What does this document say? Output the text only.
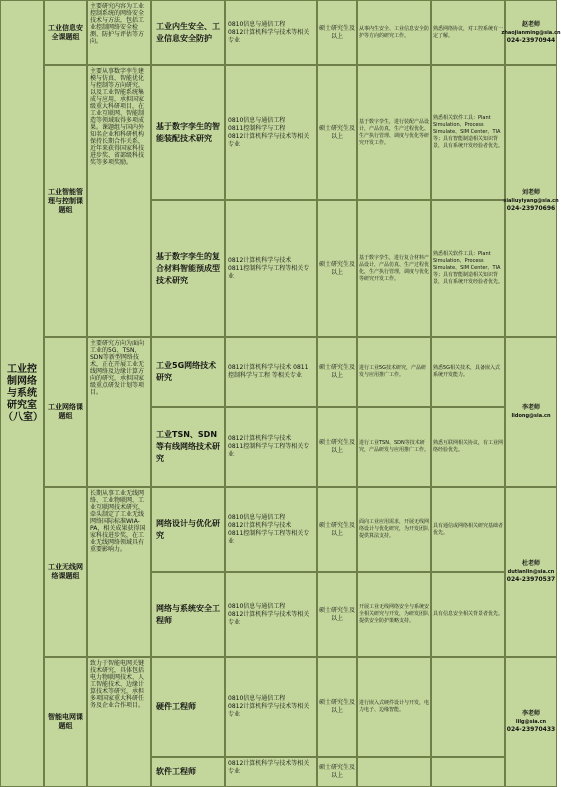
工业控制网络与系统研究室（八室）
工业信息安全课题组
主要研究内容为工业控制系统的网络安全技术与方法，包括工业控制网络安全检测、防护与评估等方向。
工业内生安全、工业信息安全防护
0810信息与通信工程
0812计算机科学与技术等相关专业
硕士研究生及以上
从事内生安全、工业信息安全防护等方向的研究工作。
熟悉网络协议，对工控系统有一定了解。
赵老师
zhaojianming@sia.cn
024-23970944
工业智能管理与控制课题组
主要从事数字孪生建模与仿真、智能优化与控制等方向研究，以及工业智能系统集成与应用，承担国家级重大科研项目，在工业互联网、智能制造等领域取得多项成果。课题组与国内外知名企业和科研机构保持长期合作关系，近年来获得国家科技进步奖、省部级科技奖等多项奖励。
基于数字孪生的智能装配技术研究
0810信息与通信工程
0811控制科学与工程
0812计算机科学与技术等相关专业
硕士研究生及以上
基于数字孪生，进行装配产品设计，产品仿真，生产过程优化、生产执行管理、调度与优化等研究开发工作。
熟悉相关软件工具：Plant Simulation、Process Simulate、SIM Center、TIA等；具有智能制造相关知识背景，具有系统开发经验者优先。
基于数字孪生的复合材料智能预成型技术研究
0812计算机科学与技术
0811控制科学与工程等相关专业
硕士研究生及以上
基于数字孪生，进行复合材料产品设计，产品仿真、生产过程优化，生产执行管理，调度与优化等研究开发工作。
熟悉相关软件工具：Plant Simulation、Process Simulate、SIM Center、TIA等；具有智能制造相关知识背景，具有系统开发经验者优先。
刘老师
sialiuyiyang@sia.cn
024-23970696
工业网络课题组
主要研究方向为面向工业的5G、TSN、SDN等新型网络技术，正在开展工业无线网络及边缘计算方向的研究，承担国家级重点研发计划等项目。
工业5G网络技术研究
0812计算机科学与技术 0811控制科学与工程 等相关专业
硕士研究生及以上
进行工业5G技术研究，产品研发与应用推广工作。
熟悉5G相关技术，具备嵌入式系统开发能力。
工业TSN、SDN等有线网络技术研究
0812计算机科学与技术
0811控制科学与工程等相关专业
硕士研究生及以上
进行工业TSN、SDN等技术研究，产品研发与应用推广工作。
熟悉互联网相关协议，有工业网络经验优先。
李老师
lidong@sia.cn
工业无线网络课题组
长期从事工业无线网络、工业物联网、工业互联网技术研究，牵头制定了工业无线网络国际标准WIA-PA，相关成果获得国家科技进步奖，在工业无线网络领域具有重要影响力。
网络设计与优化研究
0810信息与通信工程
0812计算机科学与技术
0811控制科学与工程等相关专业
硕士研究生及以上
面向工业应用需求，开展无线网络设计与优化研究，为开发团队提供算法支持。
具有通信或网络相关研究基础者优先。
网络与系统安全工程师
0810信息与通信工程
0812计算机科学与技术等相关专业
硕士研究生及以上
开展工业无线网络安全与系统安全相关研究与开发，为研发团队提供安全防护策略支持。
具有信息安全相关背景者优先。
杜老师
dutianlin@sia.cn
024-23970537
智能电网课题组
致力于智能电网关键技术研究，具体包括电力物联网技术、人工智能技术、边缘计算技术等研究，承担多项国家重大科研任务及企业合作项目。	硬件工程师
0810信息与通信工程
0812计算机科学与技术等相关专业
硕士研究生及以上
进行嵌入式硬件设计与开发，电力电子、边缘智能。
软件工程师
0812计算机科学与技术等相关专业
硕士研究生及以上
李老师
lilg@sia.cn
024-23970433
